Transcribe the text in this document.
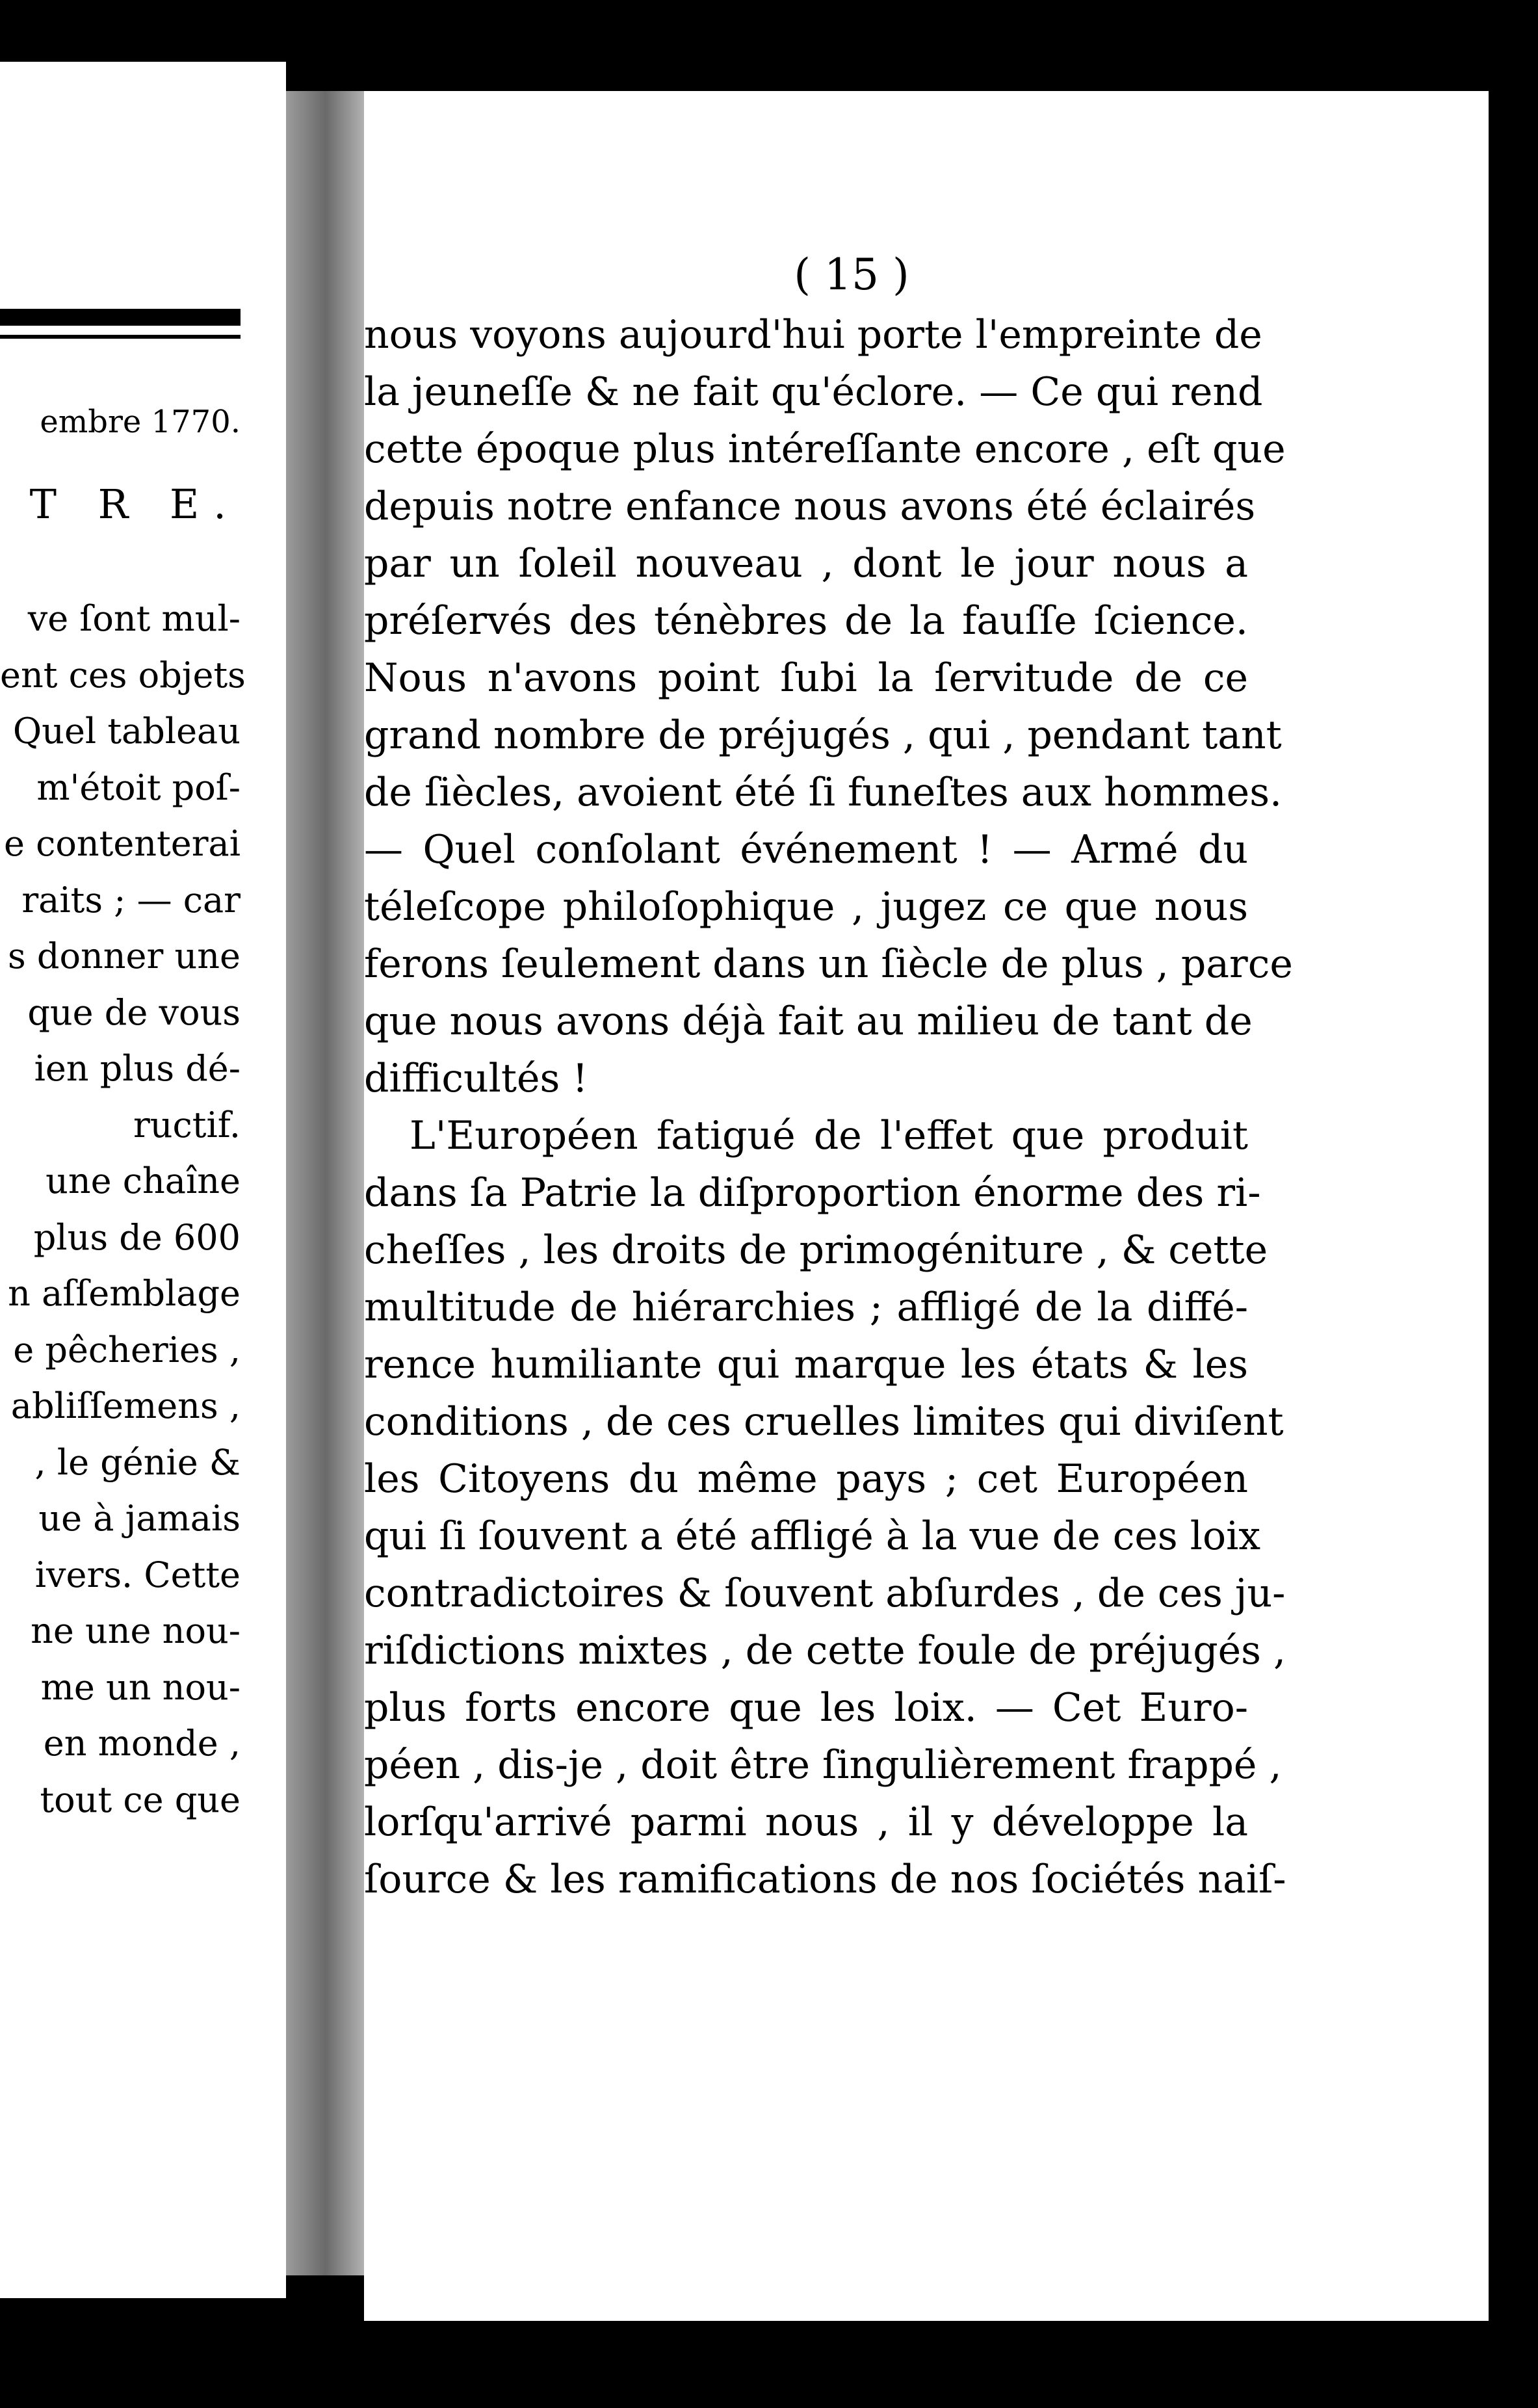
embre 1770.
T R E.
ve ſont mul-
ent ces objets
Quel tableau
m'étoit poſ-
e contenterai
raits ; — car
s donner une
que de vous
ien plus dé-
ructif.
une chaîne
plus de 600
n aſſemblage
e pêcheries ,
abliſſemens ,
, le génie &
ue à jamais
ivers. Cette
ne une nou-
me un nou-
en monde ,
tout ce que
( 15 )
nous voyons aujourd'hui porte l'empreinte de
la jeuneſſe & ne fait qu'éclore. — Ce qui rend
cette époque plus intéreſſante encore , eſt que
depuis notre enfance nous avons été éclairés
par un ſoleil nouveau , dont le jour nous a
préſervés des ténèbres de la fauſſe ſcience.
Nous n'avons point ſubi la ſervitude de ce
grand nombre de préjugés , qui , pendant tant
de ſiècles, avoient été ſi funeſtes aux hommes.
— Quel conſolant événement ! — Armé du
téleſcope philoſophique , jugez ce que nous
ferons ſeulement dans un ſiècle de plus , parce
que nous avons déjà fait au milieu de tant de
difficultés !
L'Européen fatigué de l'effet que produit
dans ſa Patrie la diſproportion énorme des ri-
cheſſes , les droits de primogéniture , & cette
multitude de hiérarchies ; affligé de la diffé-
rence humiliante qui marque les états & les
conditions , de ces cruelles limites qui diviſent
les Citoyens du même pays ; cet Européen
qui ſi ſouvent a été affligé à la vue de ces loix
contradictoires & ſouvent abſurdes , de ces ju-
riſdictions mixtes , de cette foule de préjugés ,
plus forts encore que les loix. — Cet Euro-
péen , dis-je , doit être ſingulièrement frappé ,
lorſqu'arrivé parmi nous , il y développe la
ſource & les ramifications de nos ſociétés naiſ-
